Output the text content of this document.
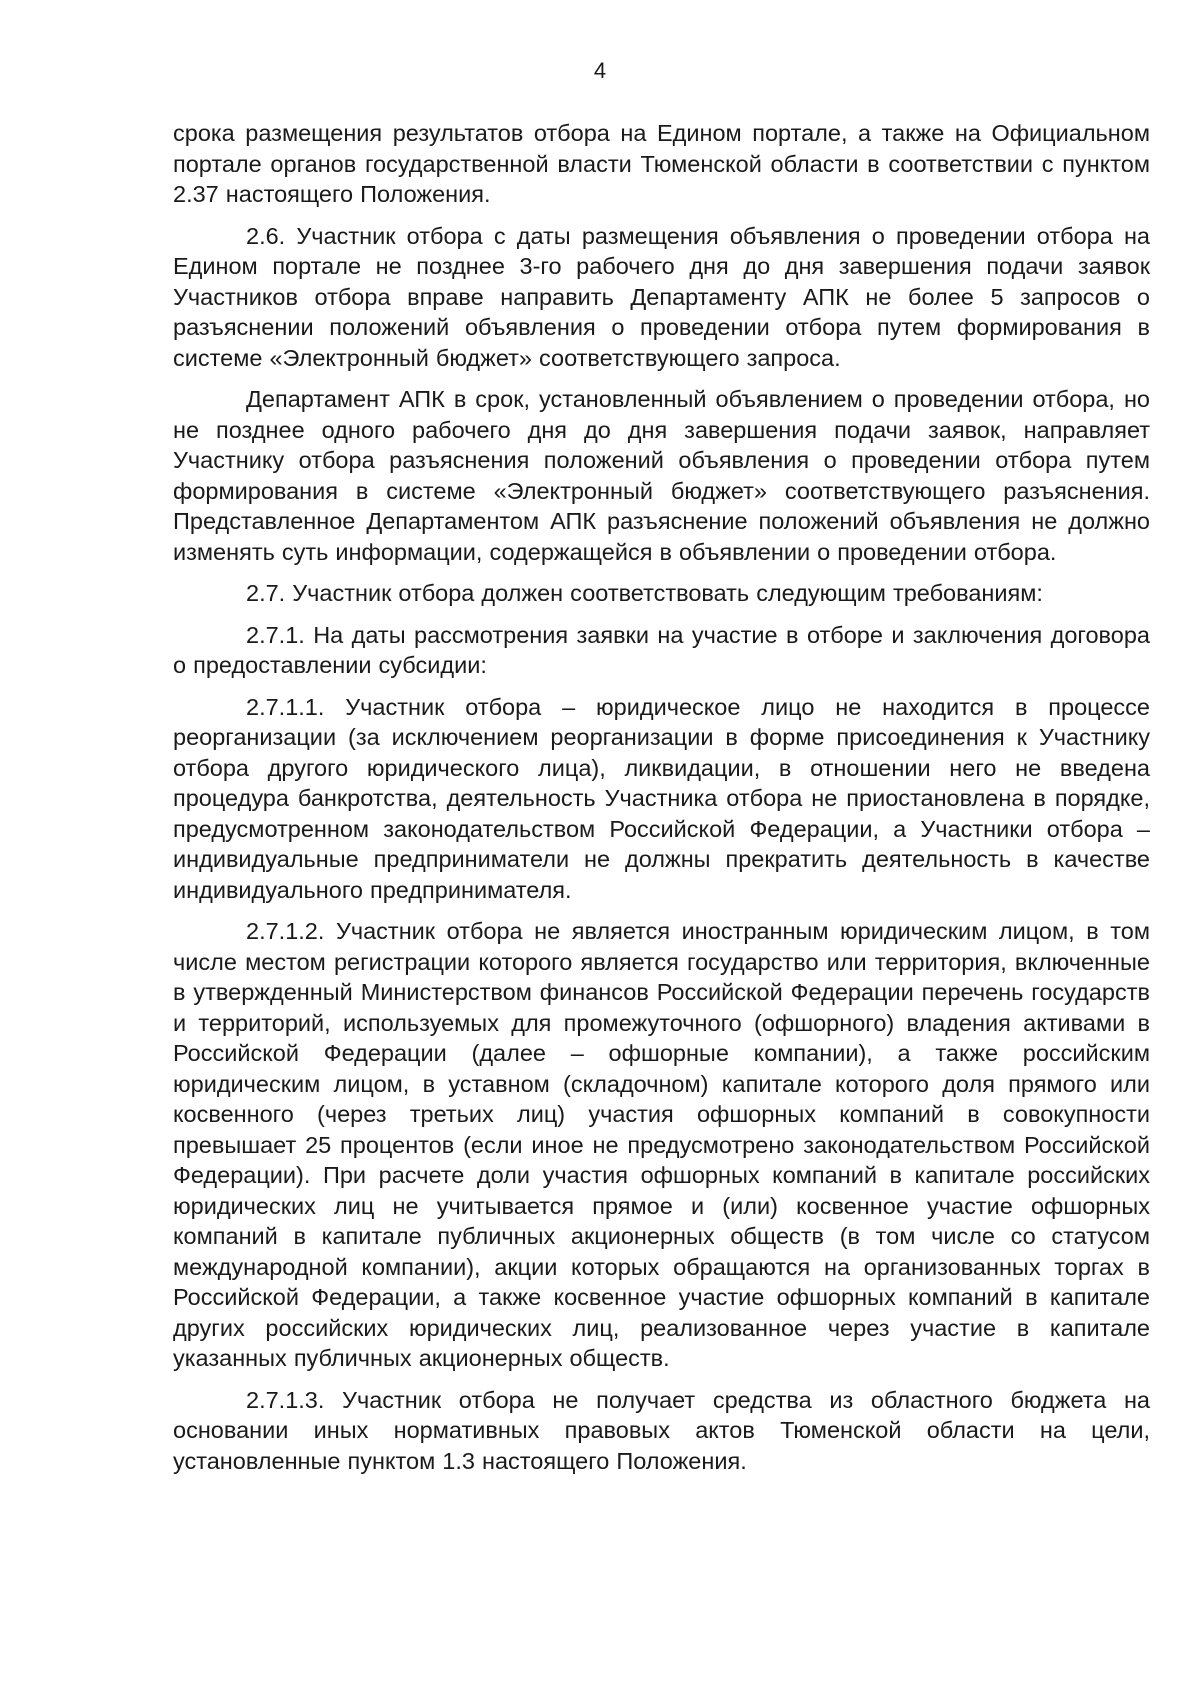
4

срока размещения результатов отбора на Едином портале, а также на Официальном портале органов государственной власти Тюменской области в соответствии с пунктом 2.37 настоящего Положения.

2.6. Участник отбора с даты размещения объявления о проведении отбора на Едином портале не позднее 3-го рабочего дня до дня завершения подачи заявок Участников отбора вправе направить Департаменту АПК не более 5 запросов о разъяснении положений объявления о проведении отбора путем формирования в системе «Электронный бюджет» соответствующего запроса.

Департамент АПК в срок, установленный объявлением о проведении отбора, но не позднее одного рабочего дня до дня завершения подачи заявок, направляет Участнику отбора разъяснения положений объявления о проведении отбора путем формирования в системе «Электронный бюджет» соответствующего разъяснения. Представленное Департаментом АПК разъяснение положений объявления не должно изменять суть информации, содержащейся в объявлении о проведении отбора.

2.7. Участник отбора должен соответствовать следующим требованиям:

2.7.1. На даты рассмотрения заявки на участие в отборе и заключения договора о предоставлении субсидии:

2.7.1.1. Участник отбора – юридическое лицо не находится в процессе реорганизации (за исключением реорганизации в форме присоединения к Участнику отбора другого юридического лица), ликвидации, в отношении него не введена процедура банкротства, деятельность Участника отбора не приостановлена в порядке, предусмотренном законодательством Российской Федерации, а Участники отбора – индивидуальные предприниматели не должны прекратить деятельность в качестве индивидуального предпринимателя.

2.7.1.2. Участник отбора не является иностранным юридическим лицом, в том числе местом регистрации которого является государство или территория, включенные в утвержденный Министерством финансов Российской Федерации перечень государств и территорий, используемых для промежуточного (офшорного) владения активами в Российской Федерации (далее – офшорные компании), а также российским юридическим лицом, в уставном (складочном) капитале которого доля прямого или косвенного (через третьих лиц) участия офшорных компаний в совокупности превышает 25 процентов (если иное не предусмотрено законодательством Российской Федерации). При расчете доли участия офшорных компаний в капитале российских юридических лиц не учитывается прямое и (или) косвенное участие офшорных компаний в капитале публичных акционерных обществ (в том числе со статусом международной компании), акции которых обращаются на организованных торгах в Российской Федерации, а также косвенное участие офшорных компаний в капитале других российских юридических лиц, реализованное через участие в капитале указанных публичных акционерных обществ.

2.7.1.3. Участник отбора не получает средства из областного бюджета на основании иных нормативных правовых актов Тюменской области на цели, установленные пунктом 1.3 настоящего Положения.
